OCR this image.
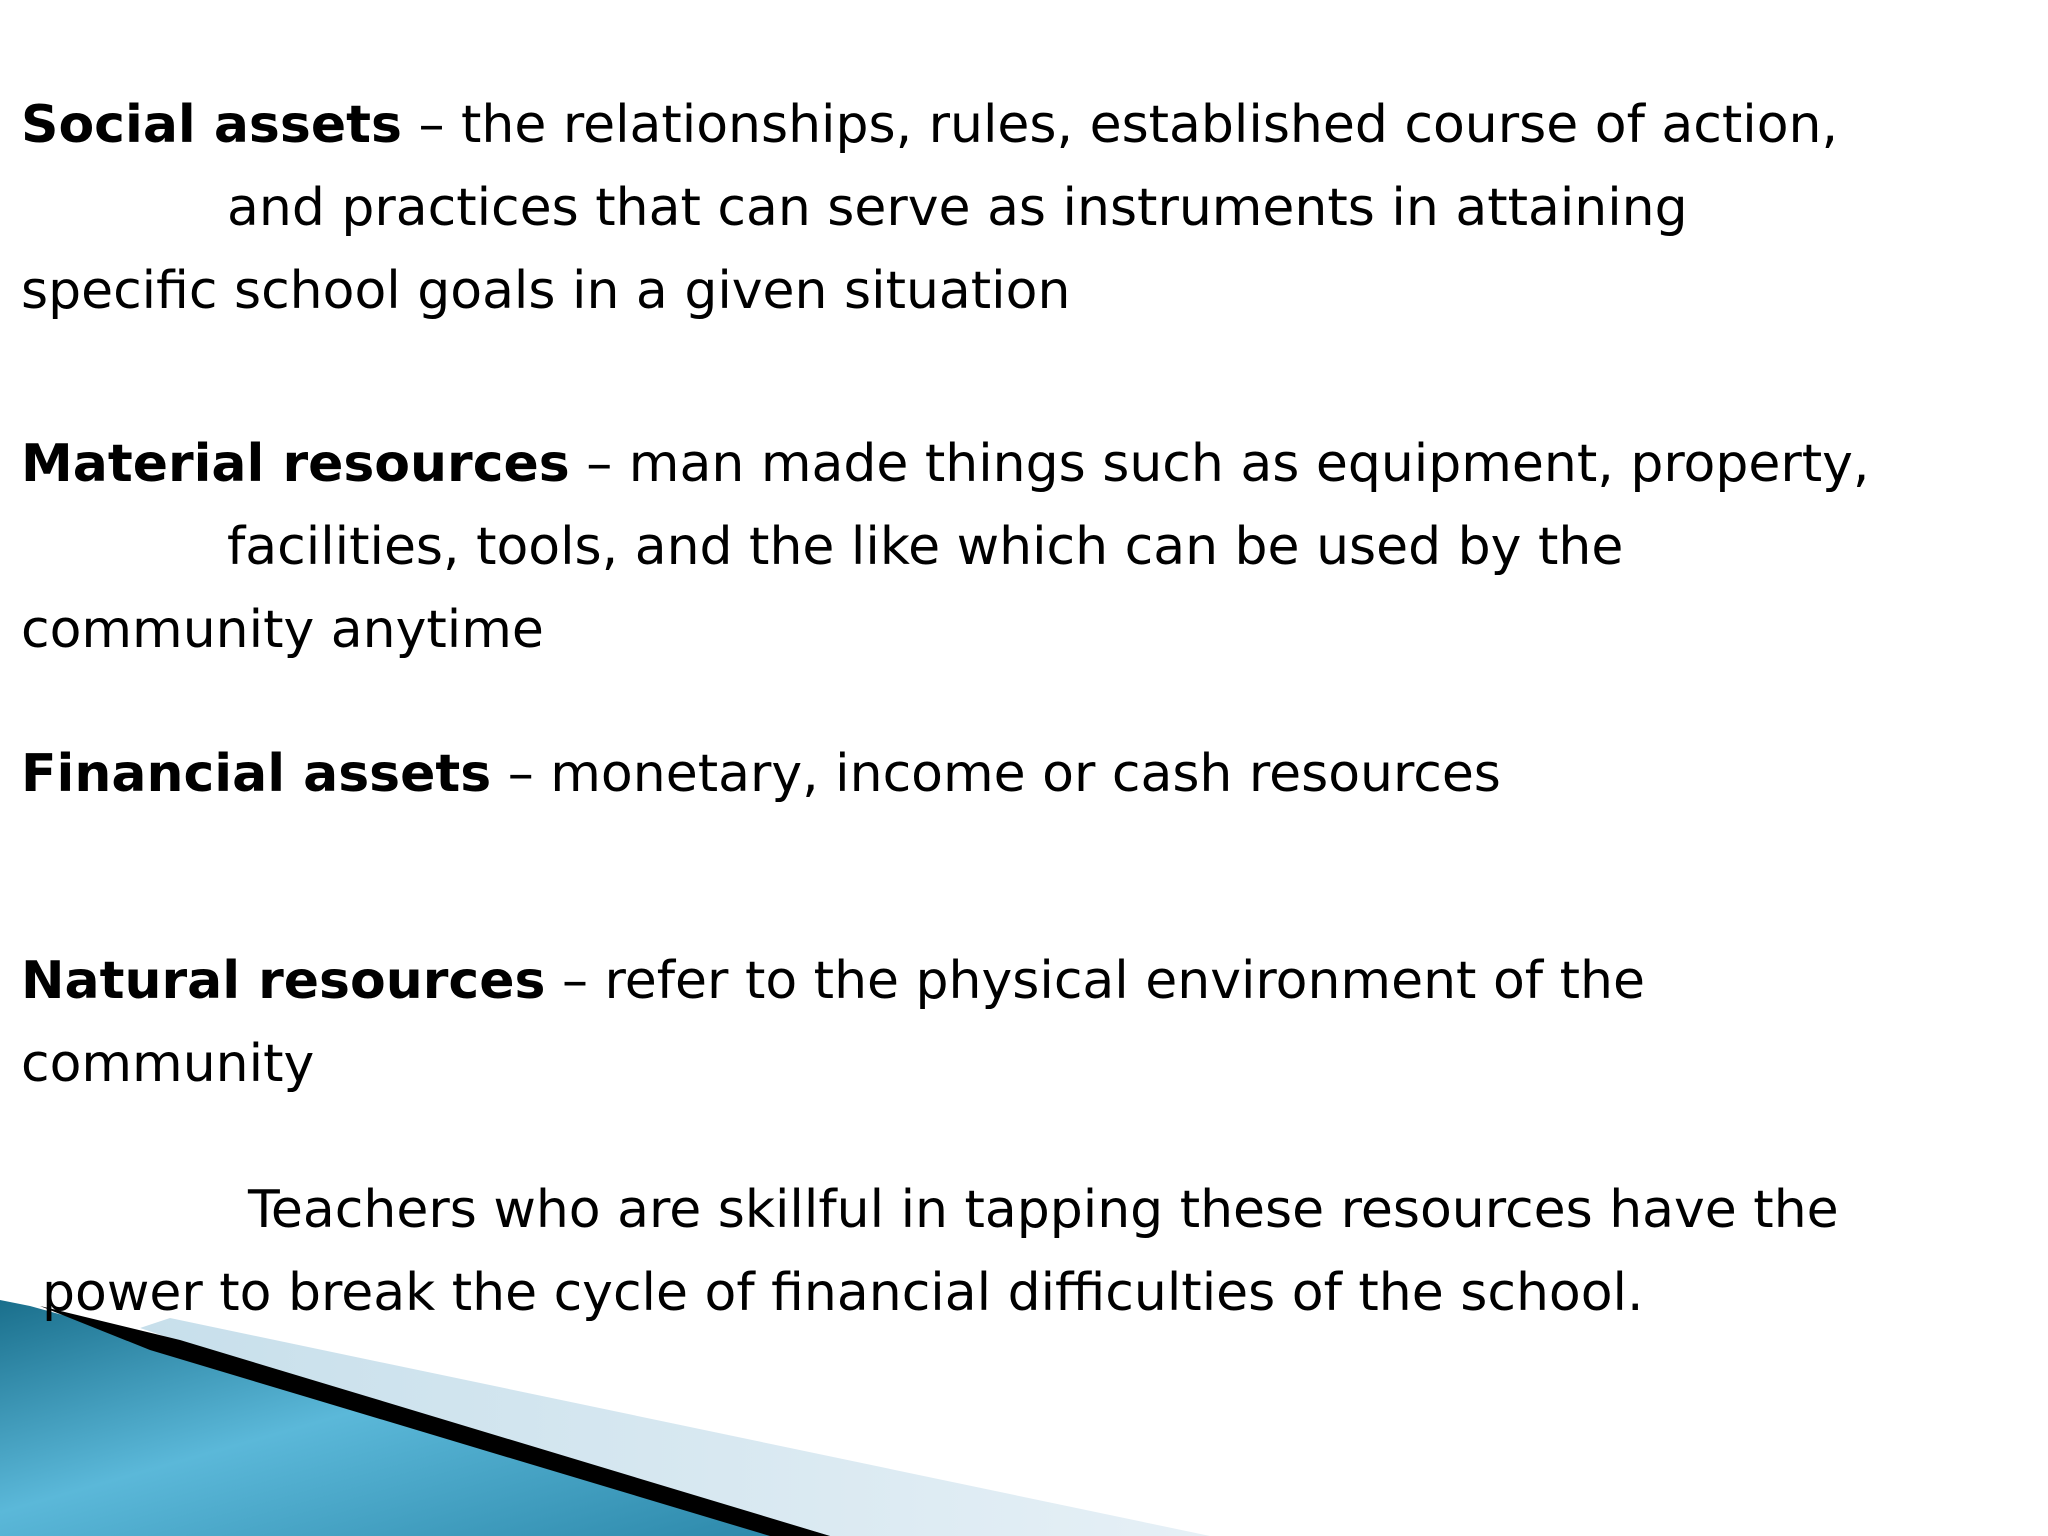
Social assets – the relationships, rules, established course of action,
and practices that can serve as instruments in attaining
specific school goals in a given situation

Material resources – man made things such as equipment, property,
facilities, tools, and the like which can be used by the
community anytime

Financial assets – monetary, income or cash resources

Natural resources – refer to the physical environment of the
community

Teachers who are skillful in tapping these resources have the
power to break the cycle of financial difficulties of the school.
